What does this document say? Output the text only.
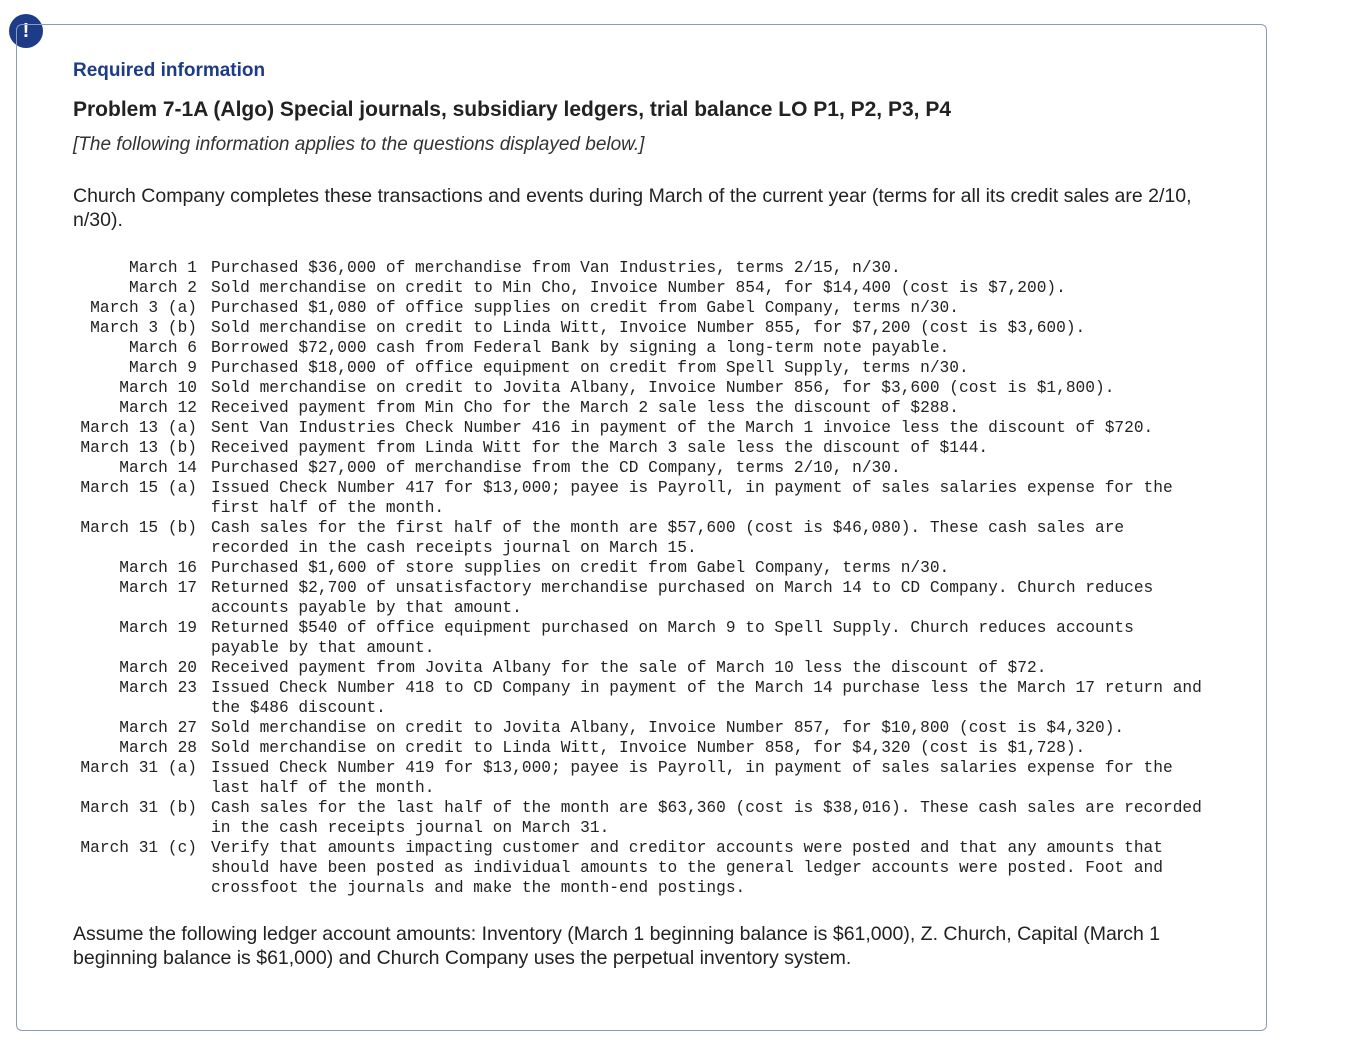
!

Required information

Problem 7-1A (Algo) Special journals, subsidiary ledgers, trial balance LO P1, P2, P3, P4

[The following information applies to the questions displayed below.]

Church Company completes these transactions and events during March of the current year (terms for all its credit sales are 2/10, n/30).

March 1	Purchased $36,000 of merchandise from Van Industries, terms 2/15, n/30.
March 2	Sold merchandise on credit to Min Cho, Invoice Number 854, for $14,400 (cost is $7,200).
March 3 (a)	Purchased $1,080 of office supplies on credit from Gabel Company, terms n/30.
March 3 (b)	Sold merchandise on credit to Linda Witt, Invoice Number 855, for $7,200 (cost is $3,600).
March 6	Borrowed $72,000 cash from Federal Bank by signing a long-term note payable.
March 9	Purchased $18,000 of office equipment on credit from Spell Supply, terms n/30.
March 10	Sold merchandise on credit to Jovita Albany, Invoice Number 856, for $3,600 (cost is $1,800).
March 12	Received payment from Min Cho for the March 2 sale less the discount of $288.
March 13 (a)	Sent Van Industries Check Number 416 in payment of the March 1 invoice less the discount of $720.
March 13 (b)	Received payment from Linda Witt for the March 3 sale less the discount of $144.
March 14	Purchased $27,000 of merchandise from the CD Company, terms 2/10, n/30.
March 15 (a)	Issued Check Number 417 for $13,000; payee is Payroll, in payment of sales salaries expense for the first half of the month.
March 15 (b)	Cash sales for the first half of the month are $57,600 (cost is $46,080). These cash sales are recorded in the cash receipts journal on March 15.
March 16	Purchased $1,600 of store supplies on credit from Gabel Company, terms n/30.
March 17	Returned $2,700 of unsatisfactory merchandise purchased on March 14 to CD Company. Church reduces accounts payable by that amount.
March 19	Returned $540 of office equipment purchased on March 9 to Spell Supply. Church reduces accounts payable by that amount.
March 20	Received payment from Jovita Albany for the sale of March 10 less the discount of $72.
March 23	Issued Check Number 418 to CD Company in payment of the March 14 purchase less the March 17 return and the $486 discount.
March 27	Sold merchandise on credit to Jovita Albany, Invoice Number 857, for $10,800 (cost is $4,320).
March 28	Sold merchandise on credit to Linda Witt, Invoice Number 858, for $4,320 (cost is $1,728).
March 31 (a)	Issued Check Number 419 for $13,000; payee is Payroll, in payment of sales salaries expense for the last half of the month.
March 31 (b)	Cash sales for the last half of the month are $63,360 (cost is $38,016). These cash sales are recorded in the cash receipts journal on March 31.
March 31 (c)	Verify that amounts impacting customer and creditor accounts were posted and that any amounts that should have been posted as individual amounts to the general ledger accounts were posted. Foot and crossfoot the journals and make the month-end postings.

Assume the following ledger account amounts: Inventory (March 1 beginning balance is $61,000), Z. Church, Capital (March 1 beginning balance is $61,000) and Church Company uses the perpetual inventory system.
